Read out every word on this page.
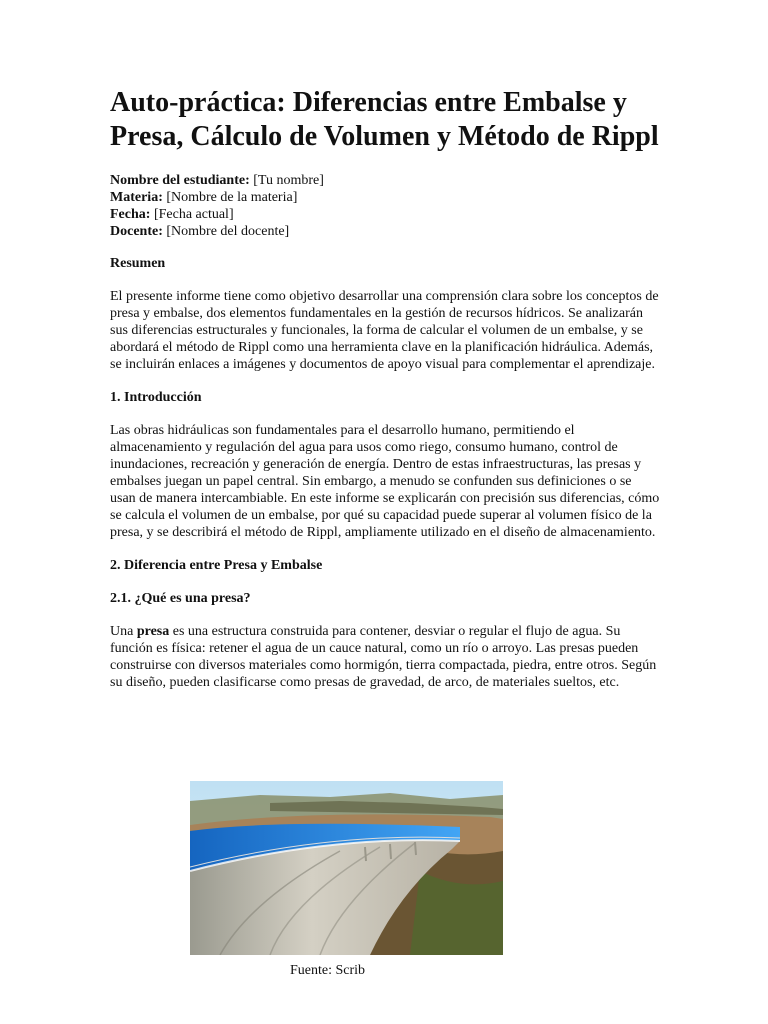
Auto-práctica: Diferencias entre Embalse y Presa, Cálculo de Volumen y Método de Rippl
Nombre del estudiante: [Tu nombre]
Materia: [Nombre de la materia]
Fecha: [Fecha actual]
Docente: [Nombre del docente]
Resumen

El presente informe tiene como objetivo desarrollar una comprensión clara sobre los conceptos de presa y embalse, dos elementos fundamentales en la gestión de recursos hídricos. Se analizarán sus diferencias estructurales y funcionales, la forma de calcular el volumen de un embalse, y se abordará el método de Rippl como una herramienta clave en la planificación hidráulica. Además, se incluirán enlaces a imágenes y documentos de apoyo visual para complementar el aprendizaje.

1. Introducción

Las obras hidráulicas son fundamentales para el desarrollo humano, permitiendo el almacenamiento y regulación del agua para usos como riego, consumo humano, control de inundaciones, recreación y generación de energía. Dentro de estas infraestructuras, las presas y embalses juegan un papel central. Sin embargo, a menudo se confunden sus definiciones o se usan de manera intercambiable. En este informe se explicarán con precisión sus diferencias, cómo se calcula el volumen de un embalse, por qué su capacidad puede superar al volumen físico de la presa, y se describirá el método de Rippl, ampliamente utilizado en el diseño de almacenamiento.

2. Diferencia entre Presa y Embalse
2.1. ¿Qué es una presa?

Una presa es una estructura construida para contener, desviar o regular el flujo de agua. Su función es física: retener el agua de un cauce natural, como un río o arroyo. Las presas pueden construirse con diversos materiales como hormigón, tierra compactada, piedra, entre otros. Según su diseño, pueden clasificarse como presas de gravedad, de arco, de materiales sueltos, etc.

Fuente: Scrib
